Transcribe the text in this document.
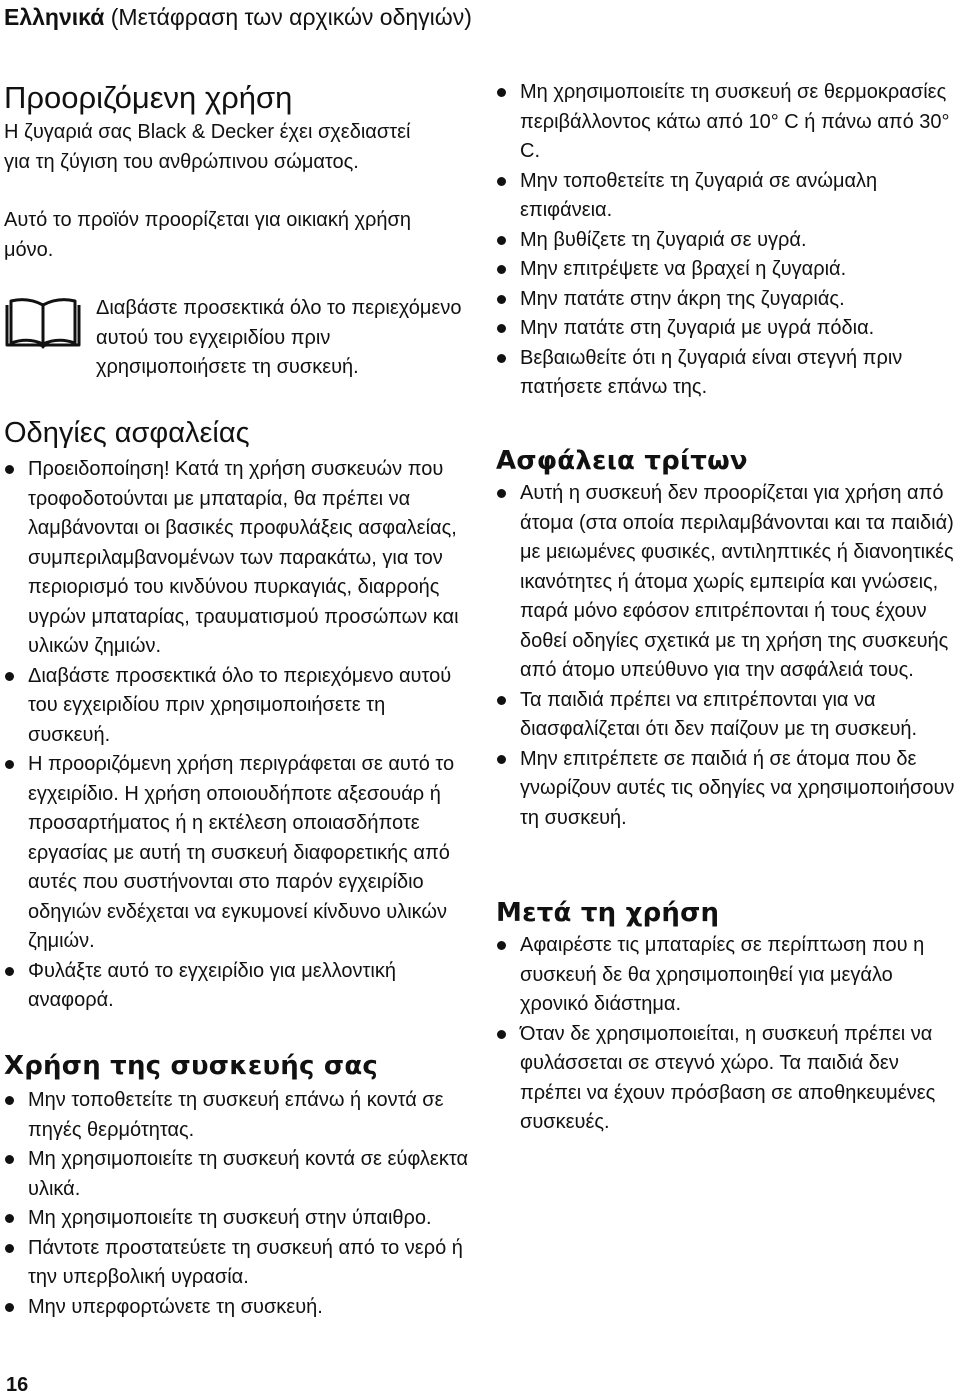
Ελληνικά (Μετάφραση των αρχικών οδηγιών)
Προοριζόμενη χρήση

Η ζυγαριά σας Black & Decker έχει σχεδιαστεί για τη ζύγιση του ανθρώπινου σώματος.

Αυτό το προϊόν προορίζεται για οικιακή χρήση μόνο.

Διαβάστε προσεκτικά όλο το περιεχόμενο αυτού του εγχειριδίου πριν χρησιμοποιήσετε τη συσκευή.
Οδηγίες ασφαλείας
Προειδοποίηση! Κατά τη χρήση συσκευών που τροφοδοτούνται με μπαταρία, θα πρέπει να λαμβάνονται οι βασικές προφυλάξεις ασφαλείας, συμπεριλαμβανομένων των παρακάτω, για τον περιορισμό του κινδύνου πυρκαγιάς, διαρροής υγρών μπαταρίας, τραυματισμού προσώπων και υλικών ζημιών.
Διαβάστε προσεκτικά όλο το περιεχόμενο αυτού του εγχειριδίου πριν χρησιμοποιήσετε τη συσκευή.
Η προοριζόμενη χρήση περιγράφεται σε αυτό το εγχειρίδιο. Η χρήση οποιουδήποτε αξεσουάρ ή προσαρτήματος ή η εκτέλεση οποιασδήποτε εργασίας με αυτή τη συσκευή διαφορετικής από αυτές που συστήνονται στο παρόν εγχειρίδιο οδηγιών ενδέχεται να εγκυμονεί κίνδυνο υλικών ζημιών.
Φυλάξτε αυτό το εγχειρίδιο για μελλοντική αναφορά.
Χρήση της συσκευής σας
Μην τοποθετείτε τη συσκευή επάνω ή κοντά σε πηγές θερμότητας.
Μη χρησιμοποιείτε τη συσκευή κοντά σε εύφλεκτα υλικά.
Μη χρησιμοποιείτε τη συσκευή στην ύπαιθρο.
Πάντοτε προστατεύετε τη συσκευή από το νερό ή την υπερβολική υγρασία.
Μην υπερφορτώνετε τη συσκευή.
Μη χρησιμοποιείτε τη συσκευή σε θερμοκρασίες περιβάλλοντος κάτω από 10° C ή πάνω από 30° C.
Μην τοποθετείτε τη ζυγαριά σε ανώμαλη επιφάνεια.
Μη βυθίζετε τη ζυγαριά σε υγρά.
Μην επιτρέψετε να βραχεί η ζυγαριά.
Μην πατάτε στην άκρη της ζυγαριάς.
Μην πατάτε στη ζυγαριά με υγρά πόδια.
Βεβαιωθείτε ότι η ζυγαριά είναι στεγνή πριν πατήσετε επάνω της.
Ασφάλεια τρίτων
Αυτή η συσκευή δεν προορίζεται για χρήση από άτομα (στα οποία περιλαμβάνονται και τα παιδιά) με μειωμένες φυσικές, αντιληπτικές ή διανοητικές ικανότητες ή άτομα χωρίς εμπειρία και γνώσεις, παρά μόνο εφόσον επιτρέπονται ή τους έχουν δοθεί οδηγίες σχετικά με τη χρήση της συσκευής από άτομο υπεύθυνο για την ασφάλειά τους.
Τα παιδιά πρέπει να επιτρέπονται για να διασφαλίζεται ότι δεν παίζουν με τη συσκευή.
Μην επιτρέπετε σε παιδιά ή σε άτομα που δε γνωρίζουν αυτές τις οδηγίες να χρησιμοποιήσουν τη συσκευή.
Μετά τη χρήση
Αφαιρέστε τις μπαταρίες σε περίπτωση που η συσκευή δε θα χρησιμοποιηθεί για μεγάλο χρονικό διάστημα.
Όταν δε χρησιμοποιείται, η συσκευή πρέπει να φυλάσσεται σε στεγνό χώρο. Τα παιδιά δεν πρέπει να έχουν πρόσβαση σε αποθηκευμένες συσκευές.
16
